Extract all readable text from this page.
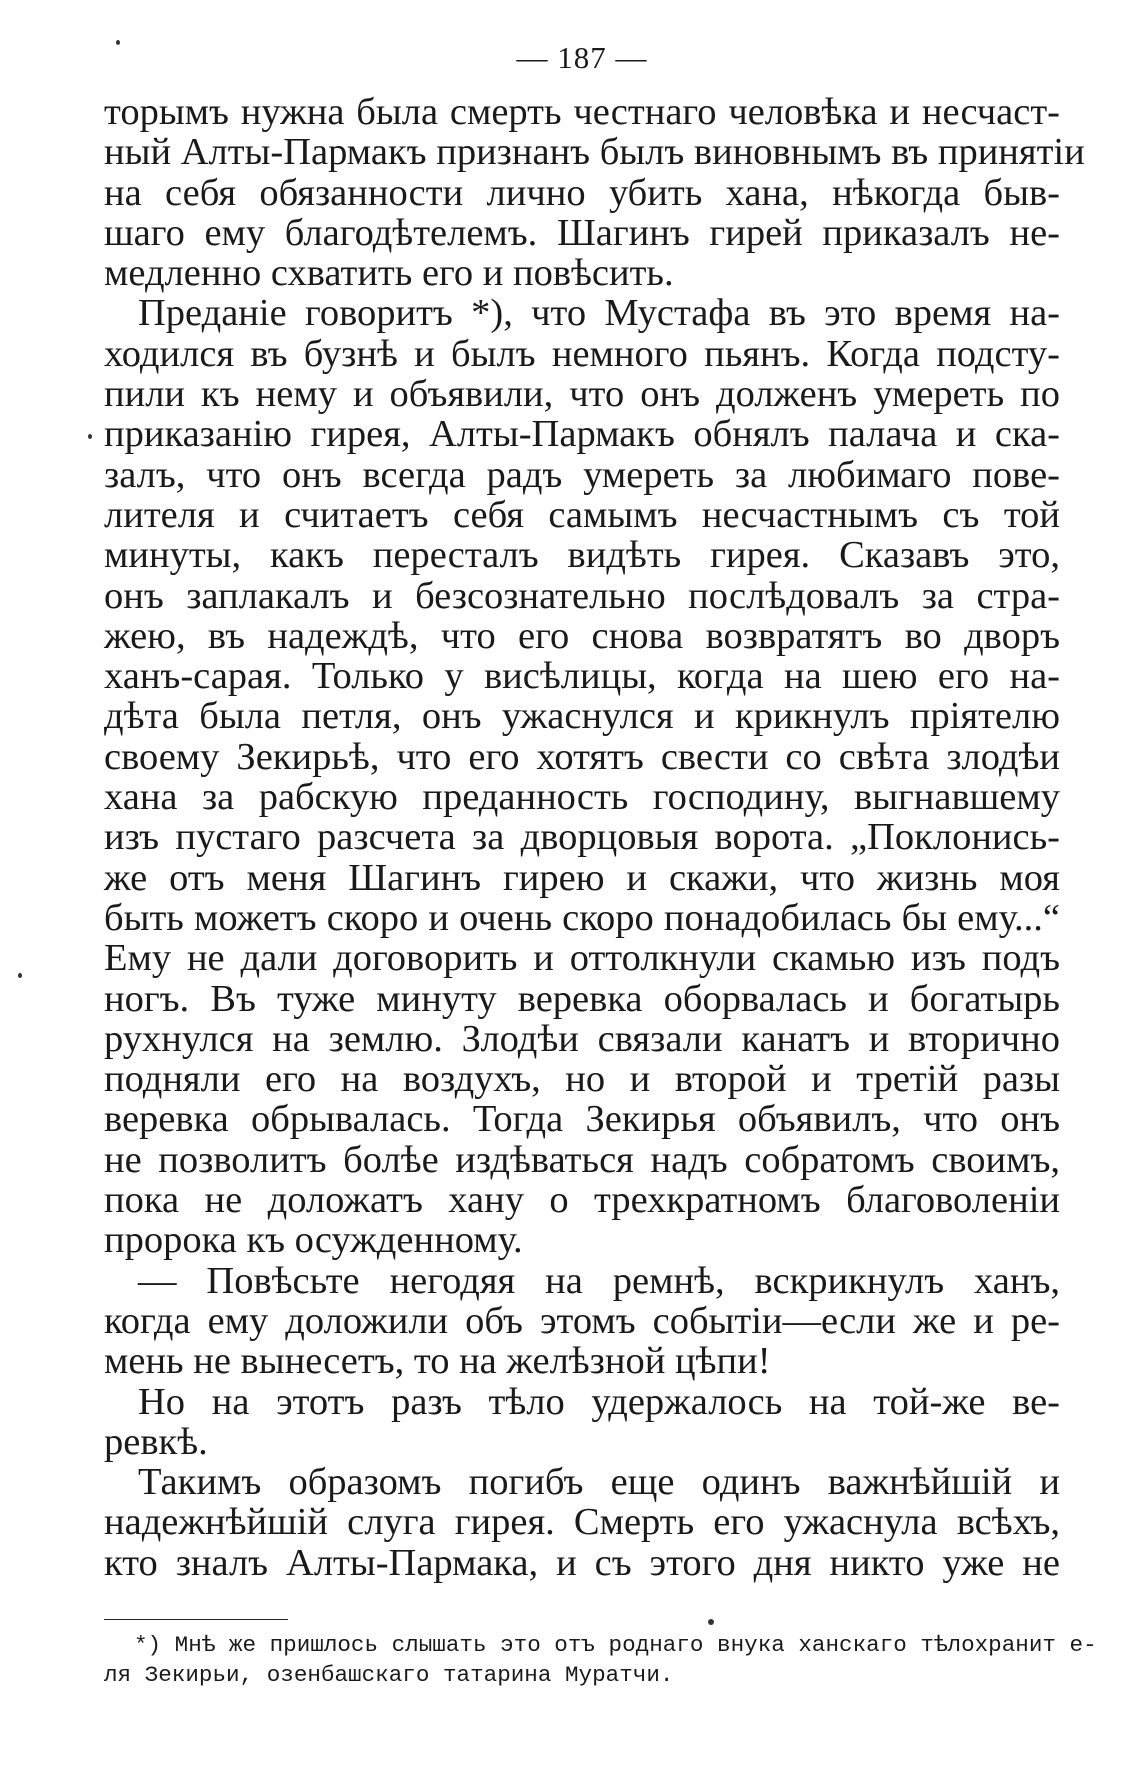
— 187 —
торымъ нужна была смерть честнаго человѣка и несчаст-
ный Алты-Пармакъ признанъ былъ виновнымъ въ принятіи
на себя обязанности лично убить хана, нѣкогда быв-
шаго ему благодѣтелемъ. Шагинъ гирей приказалъ не-
медленно схватить его и повѣсить.
Преданіе говоритъ *), что Мустафа въ это время на-
ходился въ бузнѣ и былъ немного пьянъ. Когда подсту-
пили къ нему и объявили, что онъ долженъ умереть по
приказанію гирея, Алты-Пармакъ обнялъ палача и ска-
залъ, что онъ всегда радъ умереть за любимаго пове-
лителя и считаетъ себя самымъ несчастнымъ съ той
минуты, какъ пересталъ видѣть гирея. Сказавъ это,
онъ заплакалъ и безсознательно послѣдовалъ за стра-
жею, въ надеждѣ, что его снова возвратятъ во дворъ
ханъ-сарая. Только у висѣлицы, когда на шею его на-
дѣта была петля, онъ ужаснулся и крикнулъ пріятелю
своему Зекирьѣ, что его хотятъ свести со свѣта злодѣи
хана за рабскую преданность господину, выгнавшему
изъ пустаго разсчета за дворцовыя ворота. „Поклонись-
же отъ меня Шагинъ гирею и скажи, что жизнь моя
быть можетъ скоро и очень скоро понадобилась бы ему...“
Ему не дали договорить и оттолкнули скамью изъ подъ
ногъ. Въ туже минуту веревка оборвалась и богатырь
рухнулся на землю. Злодѣи связали канатъ и вторично
подняли его на воздухъ, но и второй и третій разы
веревка обрывалась. Тогда Зекирья объявилъ, что онъ
не позволитъ болѣе издѣваться надъ собратомъ своимъ,
пока не доложатъ хану о трехкратномъ благоволеніи
пророка къ осужденному.
— Повѣсьте негодяя на ремнѣ, вскрикнулъ ханъ,
когда ему доложили объ этомъ событіи—если же и ре-
мень не вынесетъ, то на желѣзной цѣпи!
Но на этотъ разъ тѣло удержалось на той-же ве-
ревкѣ.
Такимъ образомъ погибъ еще одинъ важнѣйшій и
надежнѣйшій слуга гирея. Смерть его ужаснула всѣхъ,
кто зналъ Алты-Пармака, и съ этого дня никто уже не
*) Мнѣ же пришлось слышать это отъ роднаго внука ханскаго тѣлохранит е-
ля Зекирьи, озенбашскаго татарина Муратчи.
